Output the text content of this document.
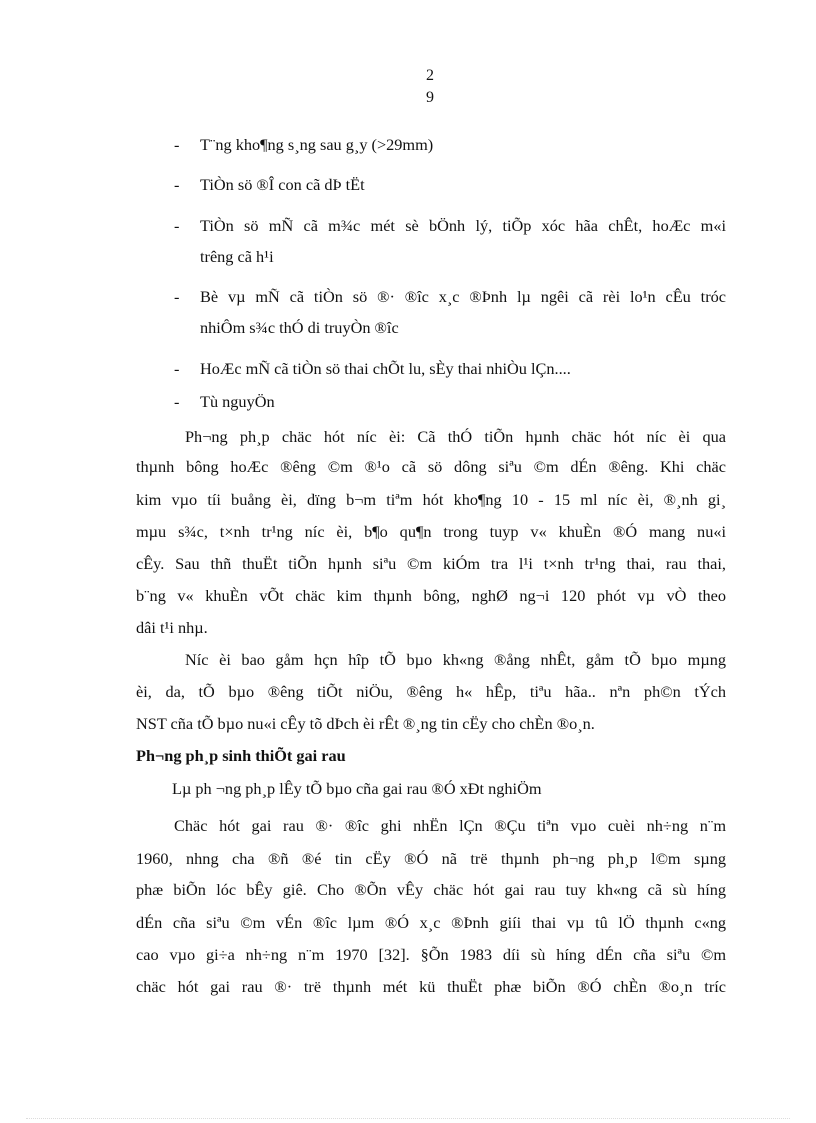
2
9
- T¨ng kho¶ng s¸ng sau g¸y (>29mm)
- TiÒn sö ®Î con cã dÞ tËt
- TiÒn sö mÑ cã m¾c mét sè bÖnh lý, tiÕp xóc hãa chÊt, hoÆc m«i
trêng cã h¹i
- Bè vµ mÑ cã tiÒn sö ®· ®îc x¸c ®Þnh lµ ngêi cã rèi lo¹n cÊu tróc
nhiÔm s¾c thÓ di truyÒn ®îc
- HoÆc mÑ cã tiÒn sö thai chÕt lu, sÈy thai nhiÒu lÇn....
- Tù nguyÖn
Ph¬ng ph¸p chäc hót níc èi: Cã thÓ tiÕn hµnh chäc hót níc èi qua
thµnh bông hoÆc ®êng ©m ®¹o cã sö dông siªu ©m dÉn ®êng. Khi chäc
kim vµo tíi buång èi, dïng b¬m tiªm hót kho¶ng 10 - 15 ml níc èi, ®¸nh gi¸
mµu s¾c, t×nh tr¹ng níc èi, b¶o qu¶n trong tuyp v« khuÈn ®Ó mang nu«i
cÊy. Sau thñ thuËt tiÕn hµnh siªu ©m kiÓm tra l¹i t×nh tr¹ng thai, rau thai,
b¨ng v« khuÈn vÕt chäc kim thµnh bông, nghØ ng¬i 120 phót vµ vÒ theo
dâi t¹i nhµ.
Níc èi bao gåm hçn hîp tÕ bµo kh«ng ®ång nhÊt, gåm tÕ bµo mµng
èi, da, tÕ bµo ®êng tiÕt niÖu, ®êng h« hÊp, tiªu hãa.. nªn ph©n tÝch
NST cña tÕ bµo nu«i cÊy tõ dÞch èi rÊt ®¸ng tin cËy cho chÈn ®o¸n.
Ph¬ng ph¸p sinh thiÕt gai rau
Lµ ph ¬ng ph¸p lÊy tÕ bµo cña gai rau ®Ó xÐt nghiÖm
Chäc hót gai rau ®· ®îc ghi nhËn lÇn ®Çu tiªn vµo cuèi nh÷ng n¨m
1960, nhng cha ®ñ ®é tin cËy ®Ó nã trë thµnh ph¬ng ph¸p l©m sµng
phæ biÕn lóc bÊy giê. Cho ®Õn vÊy chäc hót gai rau tuy kh«ng cã sù híng
dÉn cña siªu ©m vÉn ®îc lµm ®Ó x¸c ®Þnh giíi thai vµ tû lÖ thµnh c«ng
cao vµo gi÷a nh÷ng n¨m 1970 [32]. §Õn 1983 díi sù híng dÉn cña siªu ©m
chäc hót gai rau ®· trë thµnh mét kü thuËt phæ biÕn ®Ó chÈn ®o¸n tríc
